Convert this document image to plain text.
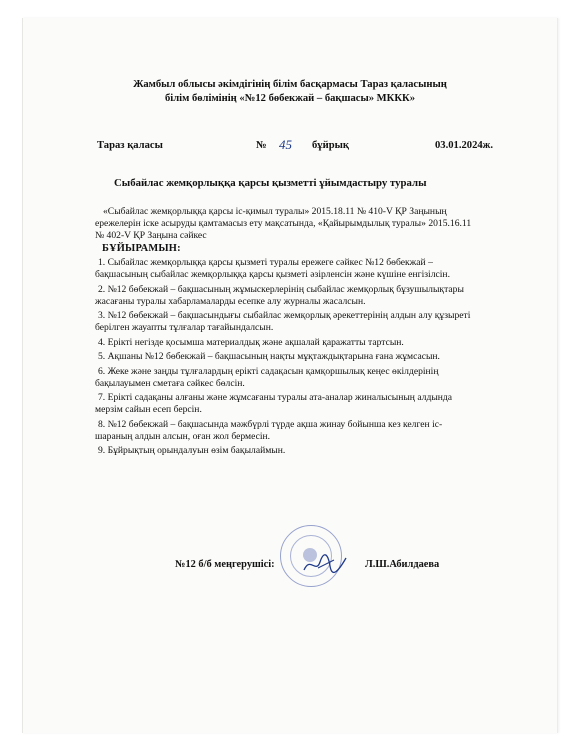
Жамбыл облысы әкімдігінің білім басқармасы Тараз қаласының
білім бөлімінің «№12 бөбекжай – бақшасы» МККК»
Тараз қаласы	№ 45 бұйрық	03.01.2024ж.
Сыбайлас жемқорлыққа қарсы қызметті ұйымдастыру туралы
«Сыбайлас жемқорлыққа қарсы іс-қимыл туралы» 2015.18.11 № 410-V ҚР Заңының ережелерін іске асыруды қамтамасыз ету мақсатында, «Қайырымдылық туралы» 2015.16.11 № 402-V ҚР Заңына сәйкес
БҰЙЫРАМЫН:
1. Сыбайлас жемқорлыққа қарсы қызметі туралы ережеге сәйкес №12 бөбекжай – бақшасының сыбайлас жемқорлыққа қарсы қызметі әзірленсін және күшіне енгізілсін.
2. №12 бөбекжай – бақшасының жұмыскерлерінің сыбайлас жемқорлық бұзушылықтары жасағаны туралы хабарламаларды есепке алу журналы жасалсын.
3. №12 бөбекжай – бақшасындығы сыбайлас жемқорлық әрекеттерінің алдын алу құзыреті берілген жауапты тұлғалар тағайындалсын.
4. Ерікті негізде қосымша материалдық және ақшалай қаражатты тартсын.
5. Ақшаны №12 бөбекжай – бақшасының нақты мұқтаждықтарына ғана жұмсасын.
6. Жеке және заңды тұлғалардың ерікті садақасын қамқоршылық кеңес өкілдерінің бақылауымен сметаға сәйкес бөлсін.
7. Ерікті садақаны алғаны және жұмсағаны туралы ата-аналар жиналысының алдында мерзім сайын есеп берсін.
8. №12 бөбекжай – бақшасында мәжбүрлі түрде ақша жинау бойынша кез келген іс-шараның алдын алсын, оған жол бермесін.
9. Бұйрықтың орындалуын өзім бақылаймын.
№12 б/б меңгерушісі:	Л.Ш.Абилдаева
